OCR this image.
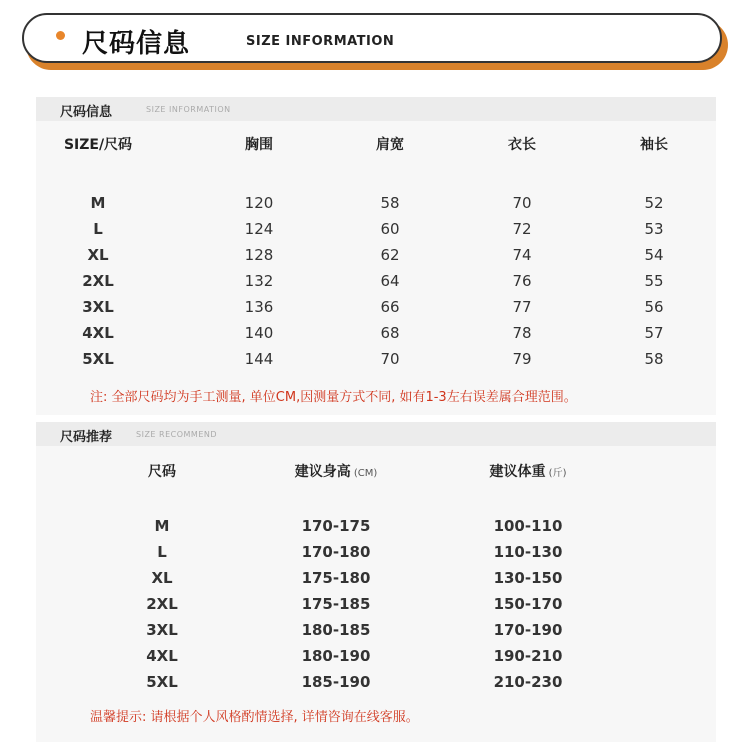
尺码信息	SIZE INFORMATION
尺码信息	SIZE INFORMATION
SIZE/尺码	胸围	肩宽	衣长	袖长
M	120	58	70	52
L	124	60	72	53
XL	128	62	74	54
2XL	132	64	76	55
3XL	136	66	77	56
4XL	140	68	78	57
5XL	144	70	79	58
注: 全部尺码均为手工测量, 单位CM,因测量方式不同, 如有1-3左右误差属合理范围。
尺码推荐	SIZE RECOMMEND
尺码	建议身高 (CM)	建议体重 (斤)
M	170-175	100-110
L	170-180	110-130
XL	175-180	130-150
2XL	175-185	150-170
3XL	180-185	170-190
4XL	180-190	190-210
5XL	185-190	210-230
温馨提示: 请根据个人风格酌情选择, 详情咨询在线客服。
